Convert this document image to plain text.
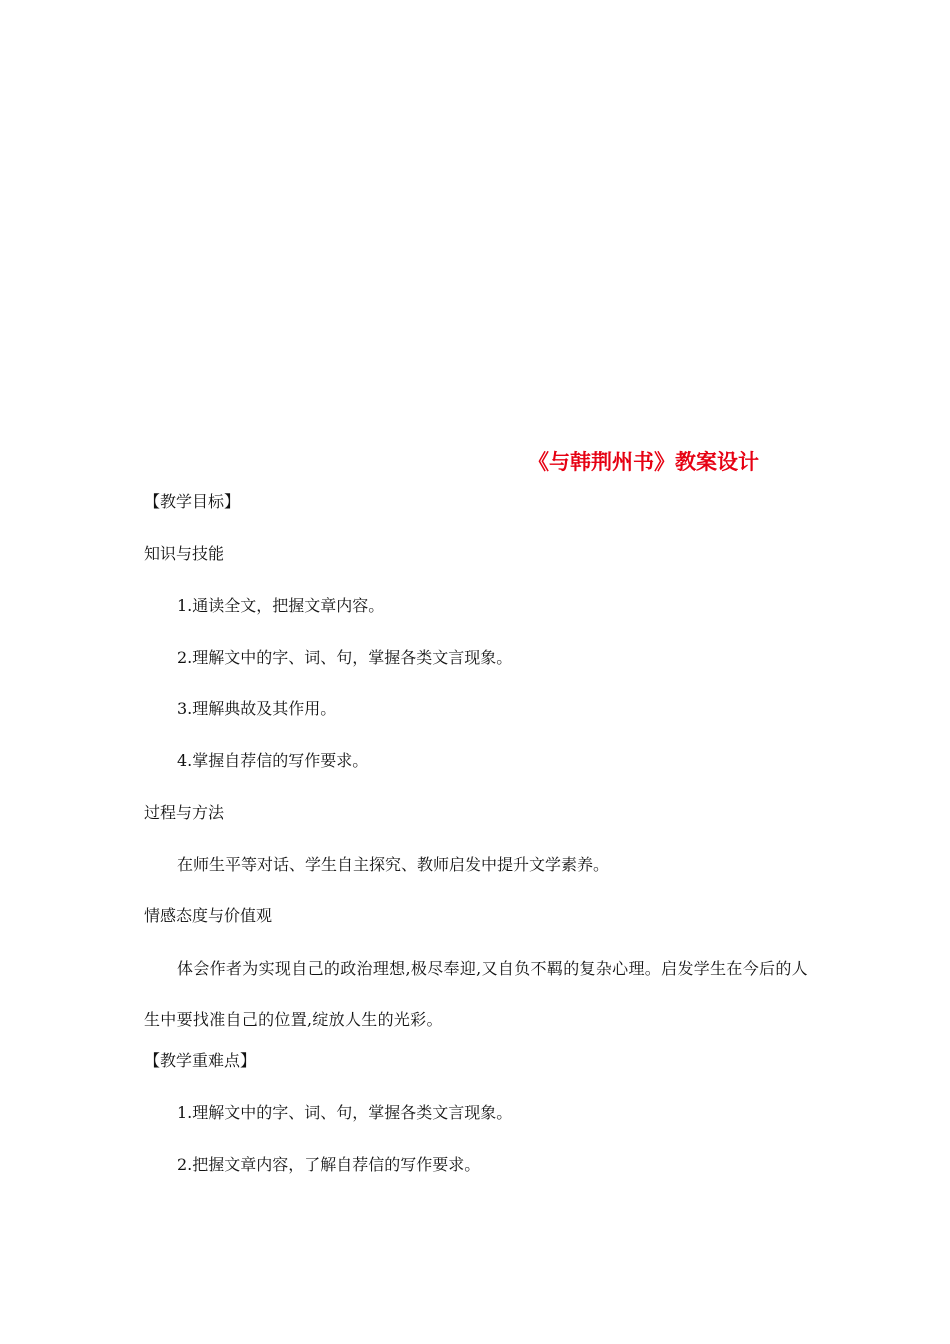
《与韩荆州书》教案设计
【教学目标】
知识与技能
1.通读全文，把握文章内容。
2.理解文中的字、词、句，掌握各类文言现象。
3.理解典故及其作用。
4.掌握自荐信的写作要求。
过程与方法
在师生平等对话、学生自主探究、教师启发中提升文学素养。
情感态度与价值观
体会作者为实现自己的政治理想,极尽奉迎,又自负不羁的复杂心理。启发学生在今后的人生中要找准自己的位置,绽放人生的光彩。
【教学重难点】
1.理解文中的字、词、句，掌握各类文言现象。
2.把握文章内容，了解自荐信的写作要求。
